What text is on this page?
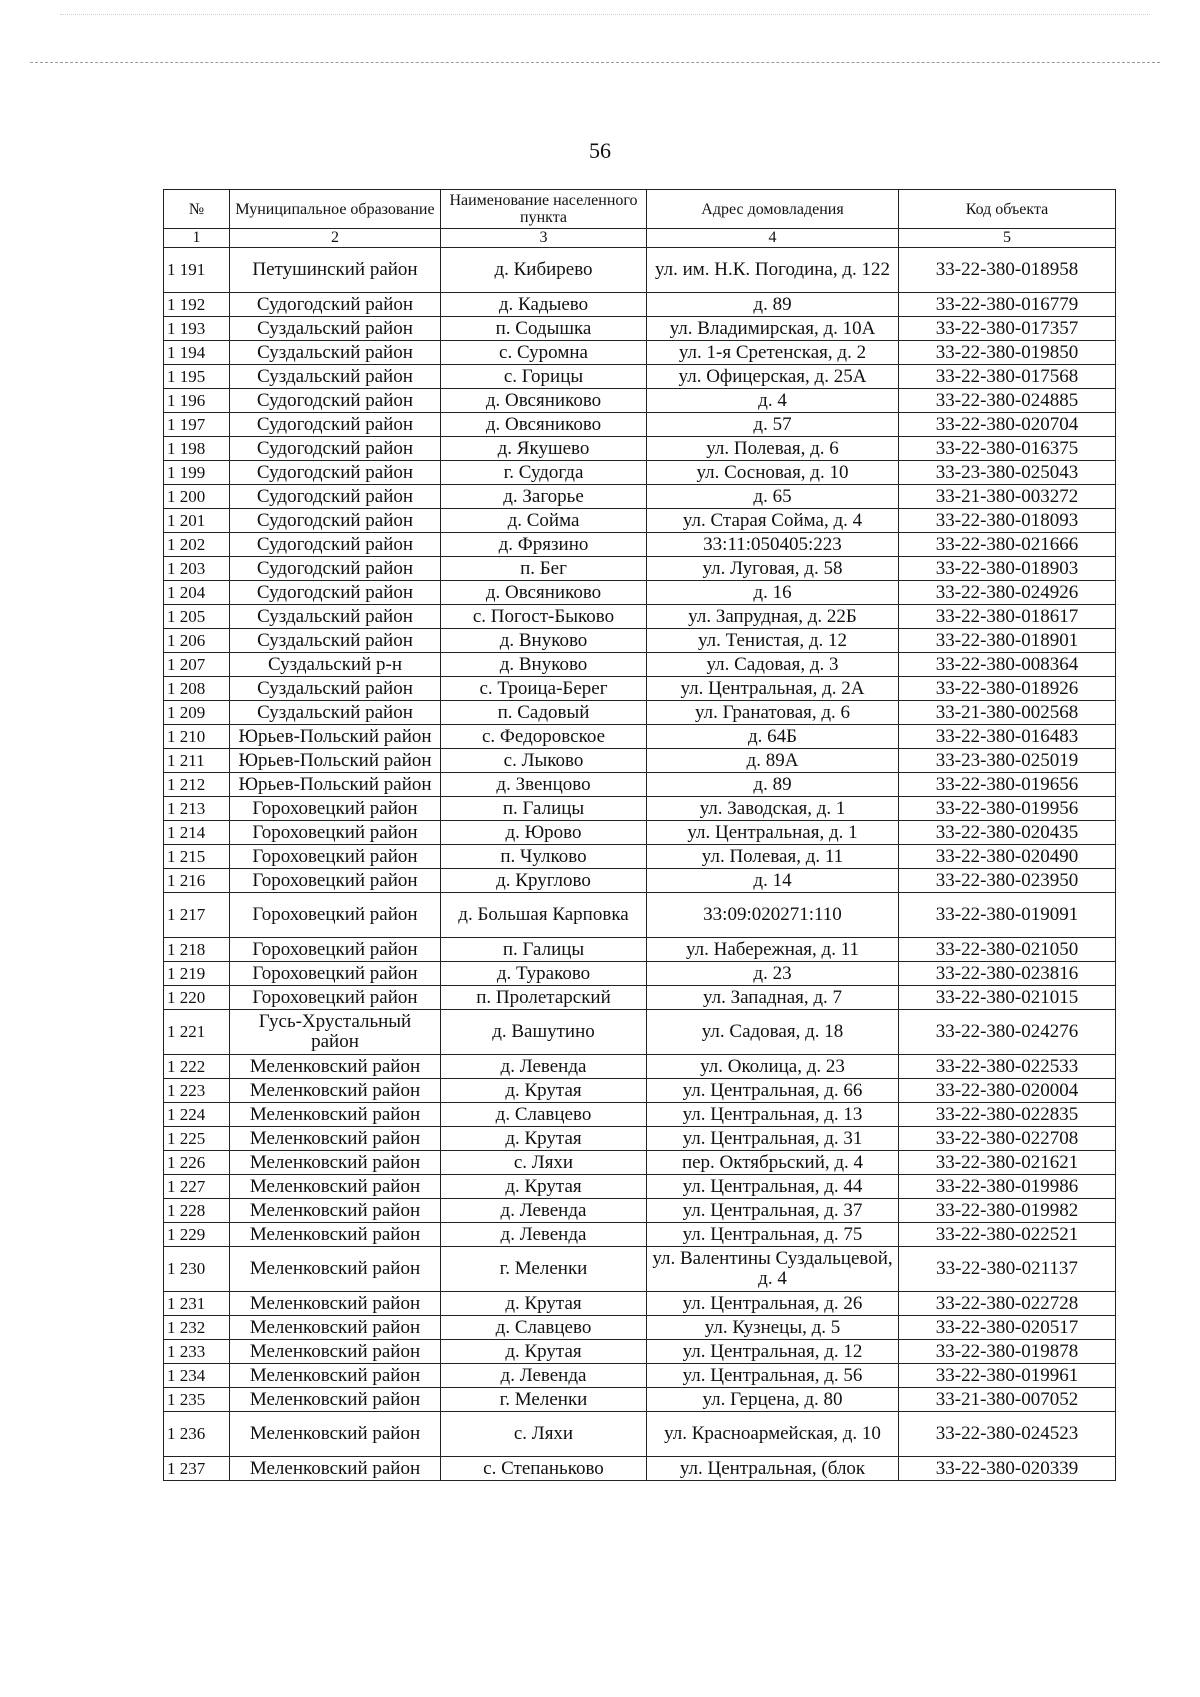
56
№	Муниципальное образование	Наименование населенного пункта	Адрес домовладения	Код объекта
1	2	3	4	5
1 191	Петушинский район	д. Кибирево	ул. им. Н.К. Погодина, д. 122	33-22-380-018958
1 192	Судогодский район	д. Кадыево	д. 89	33-22-380-016779
1 193	Суздальский район	п. Содышка	ул. Владимирская, д. 10А	33-22-380-017357
1 194	Суздальский район	с. Суромна	ул. 1-я Сретенская, д. 2	33-22-380-019850
1 195	Суздальский район	с. Горицы	ул. Офицерская, д. 25А	33-22-380-017568
1 196	Судогодский район	д. Овсяниково	д. 4	33-22-380-024885
1 197	Судогодский район	д. Овсяниково	д. 57	33-22-380-020704
1 198	Судогодский район	д. Якушево	ул. Полевая, д. 6	33-22-380-016375
1 199	Судогодский район	г. Судогда	ул. Сосновая, д. 10	33-23-380-025043
1 200	Судогодский район	д. Загорье	д. 65	33-21-380-003272
1 201	Судогодский район	д. Сойма	ул. Старая Сойма, д. 4	33-22-380-018093
1 202	Судогодский район	д. Фрязино	33:11:050405:223	33-22-380-021666
1 203	Судогодский район	п. Бег	ул. Луговая, д. 58	33-22-380-018903
1 204	Судогодский район	д. Овсяниково	д. 16	33-22-380-024926
1 205	Суздальский район	с. Погост-Быково	ул. Запрудная, д. 22Б	33-22-380-018617
1 206	Суздальский район	д. Внуково	ул. Тенистая, д. 12	33-22-380-018901
1 207	Суздальский р-н	д. Внуково	ул. Садовая, д. 3	33-22-380-008364
1 208	Суздальский район	с. Троица-Берег	ул. Центральная, д. 2А	33-22-380-018926
1 209	Суздальский район	п. Садовый	ул. Гранатовая, д. 6	33-21-380-002568
1 210	Юрьев-Польский район	с. Федоровское	д. 64Б	33-22-380-016483
1 211	Юрьев-Польский район	с. Лыково	д. 89А	33-23-380-025019
1 212	Юрьев-Польский район	д. Звенцово	д. 89	33-22-380-019656
1 213	Гороховецкий район	п. Галицы	ул. Заводская, д. 1	33-22-380-019956
1 214	Гороховецкий район	д. Юрово	ул. Центральная, д. 1	33-22-380-020435
1 215	Гороховецкий район	п. Чулково	ул. Полевая, д. 11	33-22-380-020490
1 216	Гороховецкий район	д. Круглово	д. 14	33-22-380-023950
1 217	Гороховецкий район	д. Большая Карповка	33:09:020271:110	33-22-380-019091
1 218	Гороховецкий район	п. Галицы	ул. Набережная, д. 11	33-22-380-021050
1 219	Гороховецкий район	д. Тураково	д. 23	33-22-380-023816
1 220	Гороховецкий район	п. Пролетарский	ул. Западная, д. 7	33-22-380-021015
1 221	Гусь-Хрустальный район	д. Вашутино	ул. Садовая, д. 18	33-22-380-024276
1 222	Меленковский район	д. Левенда	ул. Околица, д. 23	33-22-380-022533
1 223	Меленковский район	д. Крутая	ул. Центральная, д. 66	33-22-380-020004
1 224	Меленковский район	д. Славцево	ул. Центральная, д. 13	33-22-380-022835
1 225	Меленковский район	д. Крутая	ул. Центральная, д. 31	33-22-380-022708
1 226	Меленковский район	с. Ляхи	пер. Октябрьский, д. 4	33-22-380-021621
1 227	Меленковский район	д. Крутая	ул. Центральная, д. 44	33-22-380-019986
1 228	Меленковский район	д. Левенда	ул. Центральная, д. 37	33-22-380-019982
1 229	Меленковский район	д. Левенда	ул. Центральная, д. 75	33-22-380-022521
1 230	Меленковский район	г. Меленки	ул. Валентины Суздальцевой, д. 4	33-22-380-021137
1 231	Меленковский район	д. Крутая	ул. Центральная, д. 26	33-22-380-022728
1 232	Меленковский район	д. Славцево	ул. Кузнецы, д. 5	33-22-380-020517
1 233	Меленковский район	д. Крутая	ул. Центральная, д. 12	33-22-380-019878
1 234	Меленковский район	д. Левенда	ул. Центральная, д. 56	33-22-380-019961
1 235	Меленковский район	г. Меленки	ул. Герцена, д. 80	33-21-380-007052
1 236	Меленковский район	с. Ляхи	ул. Красноармейская, д. 10	33-22-380-024523
1 237	Меленковский район	с. Степаньково	ул. Центральная, (блок	33-22-380-020339
